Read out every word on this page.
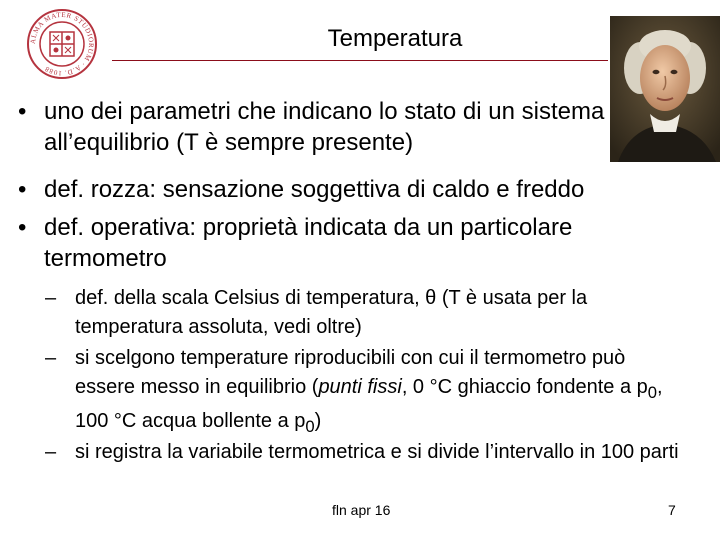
ALMA MATER STUDIORUM · A.D. 1088
Temperatura
• uno dei parametri che indicano lo stato di un sistema all’equilibrio (T è sempre presente)
• def. rozza: sensazione soggettiva di caldo e freddo
• def. operativa: proprietà indicata da un particolare termometro
– def. della scala Celsius di temperatura, θ (T è usata per la temperatura assoluta, vedi oltre)
– si scelgono temperature riproducibili con cui il termometro può essere messo in equilibrio (punti fissi, 0 °C ghiaccio fondente a $p_0$, 100 °C acqua bollente a $p_0$)
– si registra la variabile termometrica e si divide l’intervallo in 100 parti
fln apr 16	7
